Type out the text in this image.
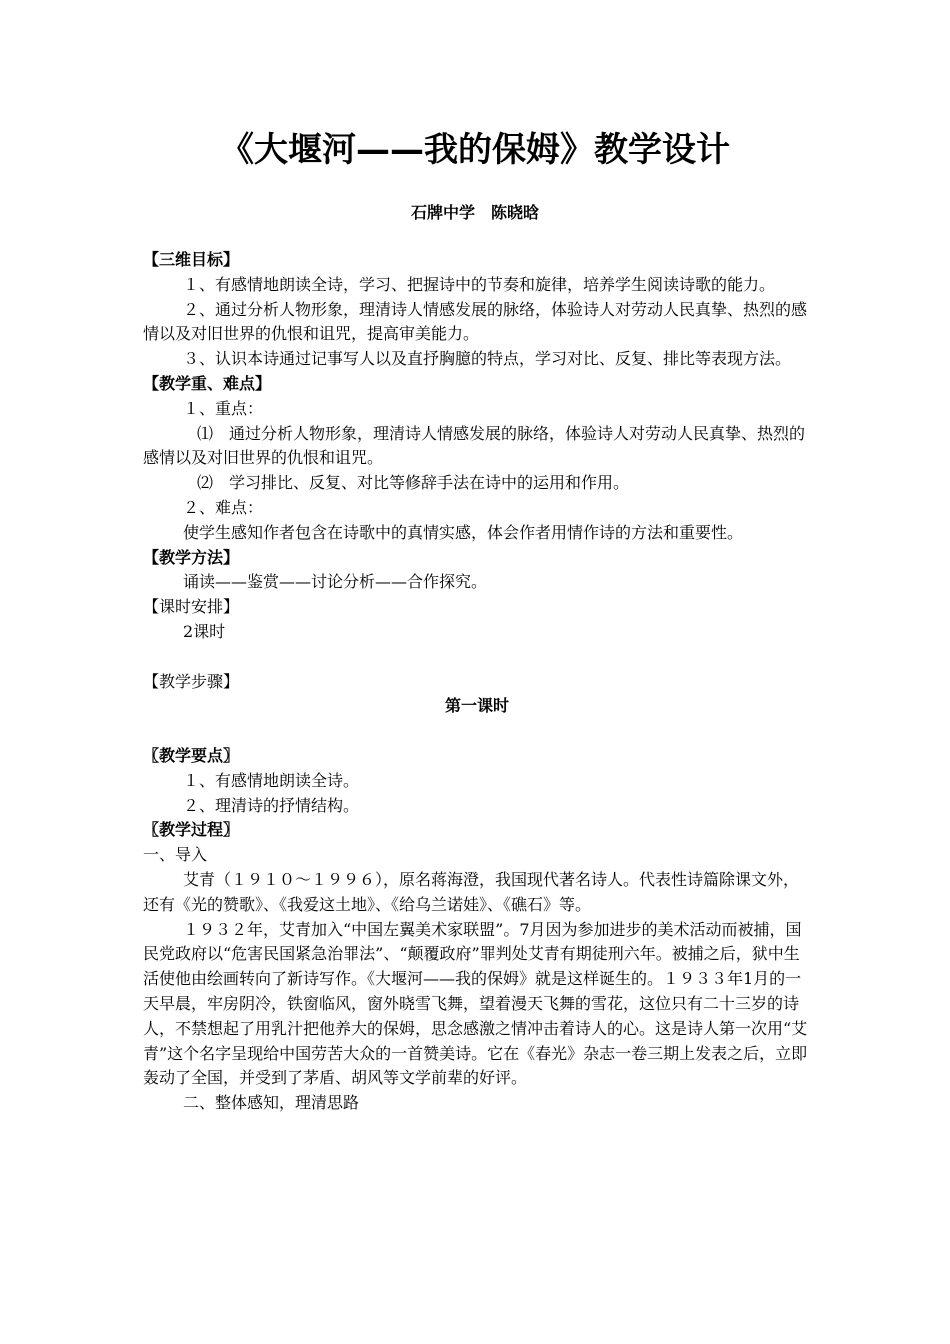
《大堰河——我的保姆》教学设计
石牌中学　陈晓晗

【三维目标】

１、有感情地朗读全诗，学习、把握诗中的节奏和旋律，培养学生阅读诗歌的能力。

２、通过分析人物形象，理清诗人情感发展的脉络，体验诗人对劳动人民真挚、热烈的感情以及对旧世界的仇恨和诅咒，提高审美能力。

３、认识本诗通过记事写人以及直抒胸臆的特点，学习对比、反复、排比等表现方法。

【教学重、难点】

１、重点：

⑴　通过分析人物形象，理清诗人情感发展的脉络，体验诗人对劳动人民真挚、热烈的感情以及对旧世界的仇恨和诅咒。

⑵　学习排比、反复、对比等修辞手法在诗中的运用和作用。

２、难点：

使学生感知作者包含在诗歌中的真情实感，体会作者用情作诗的方法和重要性。

【教学方法】

诵读——鉴赏——讨论分析——合作探究。

【课时安排】

2课时

【教学步骤】

第一课时

〖教学要点〗

１、有感情地朗读全诗。

２、理清诗的抒情结构。

〖教学过程〗

一、导入

艾青（１９１０～１９９６），原名蒋海澄，我国现代著名诗人。代表性诗篇除课文外，还有《光的赞歌》、《我爱这土地》、《给乌兰诺娃》、《礁石》等。

１９３２年，艾青加入“中国左翼美术家联盟”。7月因为参加进步的美术活动而被捕，国民党政府以“危害民国紧急治罪法”、“颠覆政府”罪判处艾青有期徒刑六年。被捕之后，狱中生活使他由绘画转向了新诗写作。《大堰河——我的保姆》就是这样诞生的。１９３３年1月的一天早晨，牢房阴冷，铁窗临风，窗外晓雪飞舞，望着漫天飞舞的雪花，这位只有二十三岁的诗人，不禁想起了用乳汁把他养大的保姆，思念感激之情冲击着诗人的心。这是诗人第一次用“艾青”这个名字呈现给中国劳苦大众的一首赞美诗。它在《春光》杂志一卷三期上发表之后，立即轰动了全国，并受到了茅盾、胡风等文学前辈的好评。

二、整体感知，理清思路
